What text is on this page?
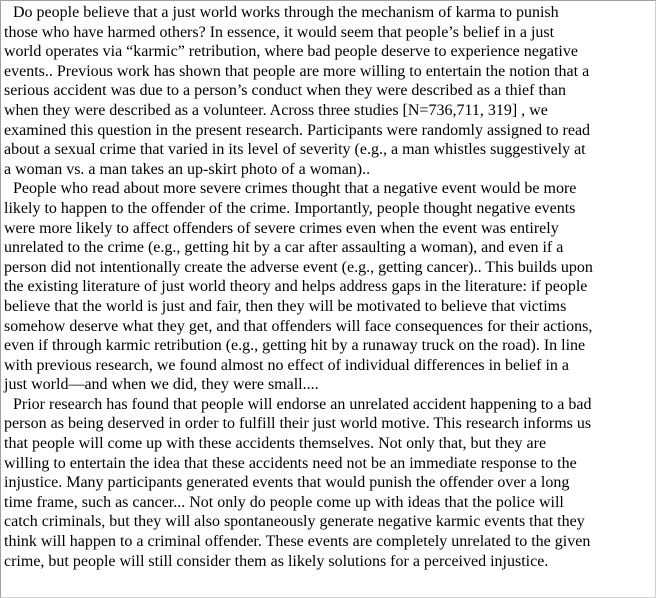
Do people believe that a just world works through the mechanism of karma to punish
those who have harmed others? In essence, it would seem that people’s belief in a just
world operates via “karmic” retribution, where bad people deserve to experience negative
events.. Previous work has shown that people are more willing to entertain the notion that a
serious accident was due to a person’s conduct when they were described as a thief than
when they were described as a volunteer. Across three studies [N=736,711, 319] , we
examined this question in the present research. Participants were randomly assigned to read
about a sexual crime that varied in its level of severity (e.g., a man whistles suggestively at
a woman vs. a man takes an up-skirt photo of a woman)..

People who read about more severe crimes thought that a negative event would be more
likely to happen to the offender of the crime. Importantly, people thought negative events
were more likely to affect offenders of severe crimes even when the event was entirely
unrelated to the crime (e.g., getting hit by a car after assaulting a woman), and even if a
person did not intentionally create the adverse event (e.g., getting cancer).. This builds upon
the existing literature of just world theory and helps address gaps in the literature: if people
believe that the world is just and fair, then they will be motivated to believe that victims
somehow deserve what they get, and that offenders will face consequences for their actions,
even if through karmic retribution (e.g., getting hit by a runaway truck on the road). In line
with previous research, we found almost no effect of individual differences in belief in a
just world—and when we did, they were small....

Prior research has found that people will endorse an unrelated accident happening to a bad
person as being deserved in order to fulfill their just world motive. This research informs us
that people will come up with these accidents themselves. Not only that, but they are
willing to entertain the idea that these accidents need not be an immediate response to the
injustice. Many participants generated events that would punish the offender over a long
time frame, such as cancer... Not only do people come up with ideas that the police will
catch criminals, but they will also spontaneously generate negative karmic events that they
think will happen to a criminal offender. These events are completely unrelated to the given
crime, but people will still consider them as likely solutions for a perceived injustice.
